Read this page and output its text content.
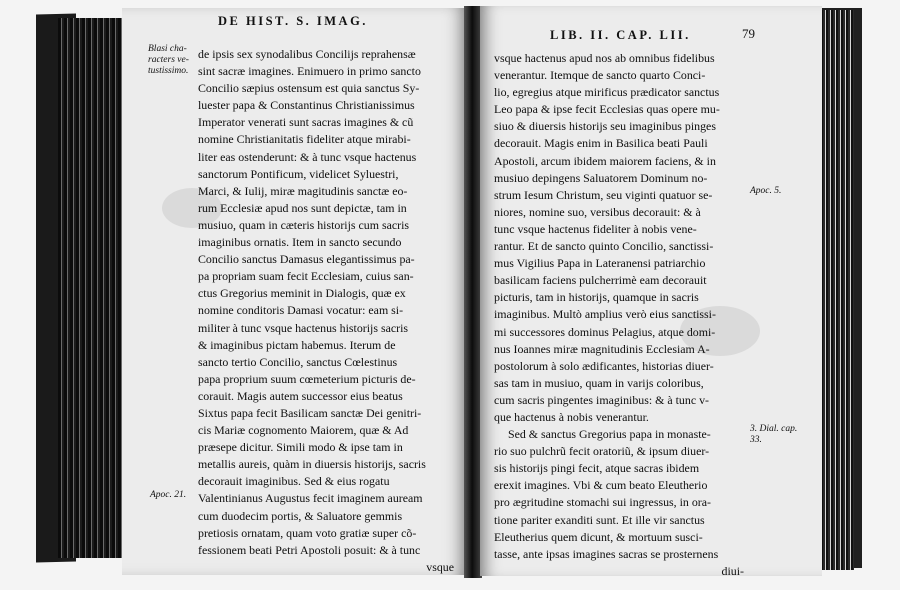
DE HIST. S. IMAG.
Blasi cha- racters ve- tustissimo.
Apoc. 21.
de ipsis sex synodalibus Concilijs reprahensæ
sint sacræ imagines. Enimuero in primo sancto
Concilio sæpius ostensum est quia sanctus Sy-
luester papa & Constantinus Christianissimus
Imperator venerati sunt sacras imagines & cũ
nomine Christianitatis fideliter atque mirabi-
liter eas ostenderunt: & à tunc vsque hactenus
sanctorum Pontificum, videlicet Syluestri,
Marci, & Iulij, miræ magitudinis sanctæ eo-
rum Ecclesiæ apud nos sunt depictæ, tam in
musiuo, quam in cæteris historijs cum sacris
imaginibus ornatis. Item in sancto secundo
Concilio sanctus Damasus elegantissimus pa-
pa propriam suam fecit Ecclesiam, cuius san-
ctus Gregorius meminit in Dialogis, quæ ex
nomine conditoris Damasi vocatur: eam si-
militer à tunc vsque hactenus historijs sacris
& imaginibus pictam habemus. Iterum de
sancto tertio Concilio, sanctus Cœlestinus
papa proprium suum cœmeterium picturis de-
corauit. Magis autem successor eius beatus
Sixtus papa fecit Basilicam sanctæ Dei genitri-
cis Mariæ cognomento Maiorem, quæ & Ad
præsepe dicitur. Simili modo & ipse tam in
metallis aureis, quàm in diuersis historijs, sacris
decorauit imaginibus. Sed & eius rogatu
Valentinianus Augustus fecit imaginem auream
cum duodecim portis, & Saluatore gemmis
pretiosis ornatam, quam voto gratiæ super cõ-
fessionem beati Petri Apostoli posuit: & à tunc
vsque
LIB. II. CAP. LII.	79
Apoc. 5.
3. Dial. cap. 33.
vsque hactenus apud nos ab omnibus fidelibus
venerantur. Itemque de sancto quarto Conci-
lio, egregius atque mirificus prædicator sanctus
Leo papa & ipse fecit Ecclesias quas opere mu-
siuo & diuersis historijs seu imaginibus pinges
decorauit. Magis enim in Basilica beati Pauli
Apostoli, arcum ibidem maiorem faciens, & in
musiuo depingens Saluatorem Dominum no-
strum Iesum Christum, seu viginti quatuor se-
niores, nomine suo, versibus decorauit: & à
tunc vsque hactenus fideliter à nobis vene-
rantur. Et de sancto quinto Concilio, sanctissi-
mus Vigilius Papa in Lateranensi patriarchio
basilicam faciens pulcherrimè eam decorauit
picturis, tam in historijs, quamque in sacris
imaginibus. Multò amplius verò eius sanctissi-
mi successores dominus Pelagius, atque domi-
nus Ioannes miræ magnitudinis Ecclesiam A-
postolorum à solo ædificantes, historias diuer-
sas tam in musiuo, quam in varijs coloribus,
cum sacris pingentes imaginibus: & à tunc v-
que hactenus à nobis venerantur.
Sed & sanctus Gregorius papa in monaste-
rio suo pulchrũ fecit oratoriũ, & ipsum diuer-
sis historijs pingi fecit, atque sacras ibidem
erexit imagines. Vbi & cum beato Eleutherio
pro ægritudine stomachi sui ingressus, in ora-
tione pariter exanditi sunt. Et ille vir sanctus
Eleutherius quem dicunt, & mortuum susci-
tasse, ante ipsas imagines sacras se prosternens
diui-
